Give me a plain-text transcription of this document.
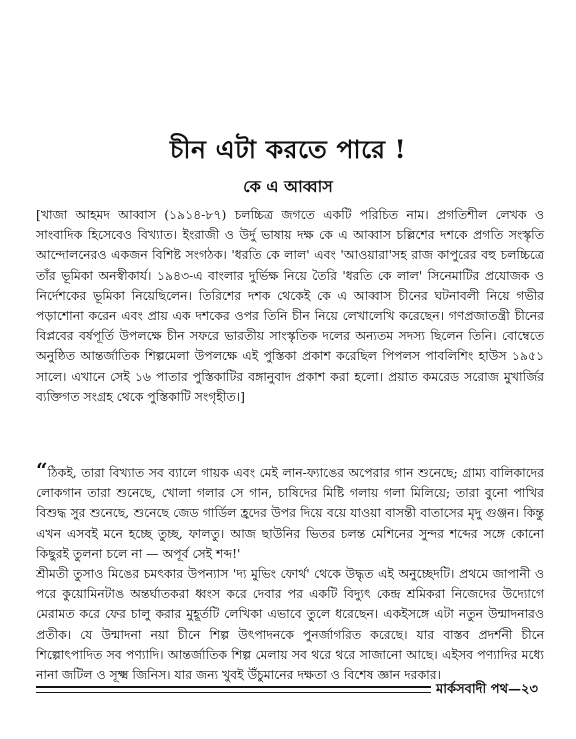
চীন এটা করতে পারে !
কে এ আব্বাস
[খাজা আহমদ আব্বাস (১৯১৪-৮৭) চলচ্চিত্র জগতে একটি পরিচিত নাম। প্রগতিশীল লেখক ও সাংবাদিক হিসেবেও বিখ্যাত। ইংরাজী ও উর্দু ভাষায় দক্ষ কে এ আব্বাস চল্লিশের দশকে প্রগতি সংস্কৃতি আন্দোলনেরও একজন বিশিষ্ট সংগঠক। 'ধরতি কে লাল' এবং 'আওয়ারা'সহ রাজ কাপুরের বহু চলচ্চিত্রে তাঁর ভূমিকা অনস্বীকার্য। ১৯৪৩-এ বাংলার দুর্ভিক্ষ নিয়ে তৈরি 'ধরতি কে লাল' সিনেমাটির প্রযোজক ও নির্দেশকের ভূমিকা নিয়েছিলেন। তিরিশের দশক থেকেই কে এ আব্বাস চীনের ঘটনাবলী নিয়ে গভীর পড়াশোনা করেন এবং প্রায় এক দশকের ওপর তিনি চীন নিয়ে লেখালেখি করেছেন। গণপ্রজাতন্ত্রী চীনের বিপ্লবের বর্ষপূর্তি উপলক্ষে চীন সফরে ভারতীয় সাংস্কৃতিক দলের অন্যতম সদস্য ছিলেন তিনি। বোম্বেতে অনুষ্ঠিত আন্তর্জাতিক শিল্পমেলা উপলক্ষে এই পুস্তিকা প্রকাশ করেছিল পিপলস পাবলিশিং হাউস ১৯৫১ সালে। এখানে সেই ১৬ পাতার পুস্তিকাটির বঙ্গানুবাদ প্রকাশ করা হলো। প্রয়াত কমরেড সরোজ মুখার্জির ব্যক্তিগত সংগ্রহ থেকে পুস্তিকাটি সংগৃহীত।]

“ঠিকই, তারা বিখ্যাত সব ব্যালে গায়ক এবং মেই লান-ফ্যাঙের অপেরার গান শুনেছে; গ্রাম্য বালিকাদের লোকগান তারা শুনেছে, খোলা গলার সে গান, চাষিদের মিষ্টি গলায় গলা মিলিয়ে; তারা বুনো পাখির বিশুদ্ধ সুর শুনেছে, শুনেছে জেড গার্ডিল হ্রদের উপর দিয়ে বয়ে যাওয়া বাসন্তী বাতাসের মৃদু গুঞ্জন। কিন্তু এখন এসবই মনে হচ্ছে তুচ্ছ, ফালতু। আজ ছাউনির ভিতর চলন্ত মেশিনের সুন্দর শব্দের সঙ্গে কোনো কিছুরই তুলনা চলে না — অপূর্ব সেই শব্দ!'

শ্রীমতী তুসাও মিঙের চমৎকার উপন্যাস 'দ্য মুভিং ফোর্থ' থেকে উদ্ধৃত এই অনুচ্ছেদটি। প্রথমে জাপানী ও পরে কুয়োমিনটাঙ অন্তর্ঘাতকরা ধ্বংস করে দেবার পর একটি বিদ্যুৎ কেন্দ্র শ্রমিকরা নিজেদের উদ্যোগে মেরামত করে ফের চালু করার মুহূর্তটি লেখিকা এভাবে তুলে ধরেছেন। একইসঙ্গে এটা নতুন উন্মাদনারও প্রতীক। যে উন্মাদনা নয়া চীনে শিল্প উৎপাদনকে পুনর্জাগরিত করেছে। যার বাস্তব প্রদর্শনী চীনে শিল্পোৎপাদিত সব পণ্যাদি। আন্তর্জাতিক শিল্প মেলায় সব থরে থরে সাজানো আছে। এইসব পণ্যাদির মধ্যে নানা জটিল ও সূক্ষ্ম জিনিস। যার জন্য খুবই উঁচুমানের দক্ষতা ও বিশেষ জ্ঞান দরকার।

মার্কসবাদী পথ—২৩
